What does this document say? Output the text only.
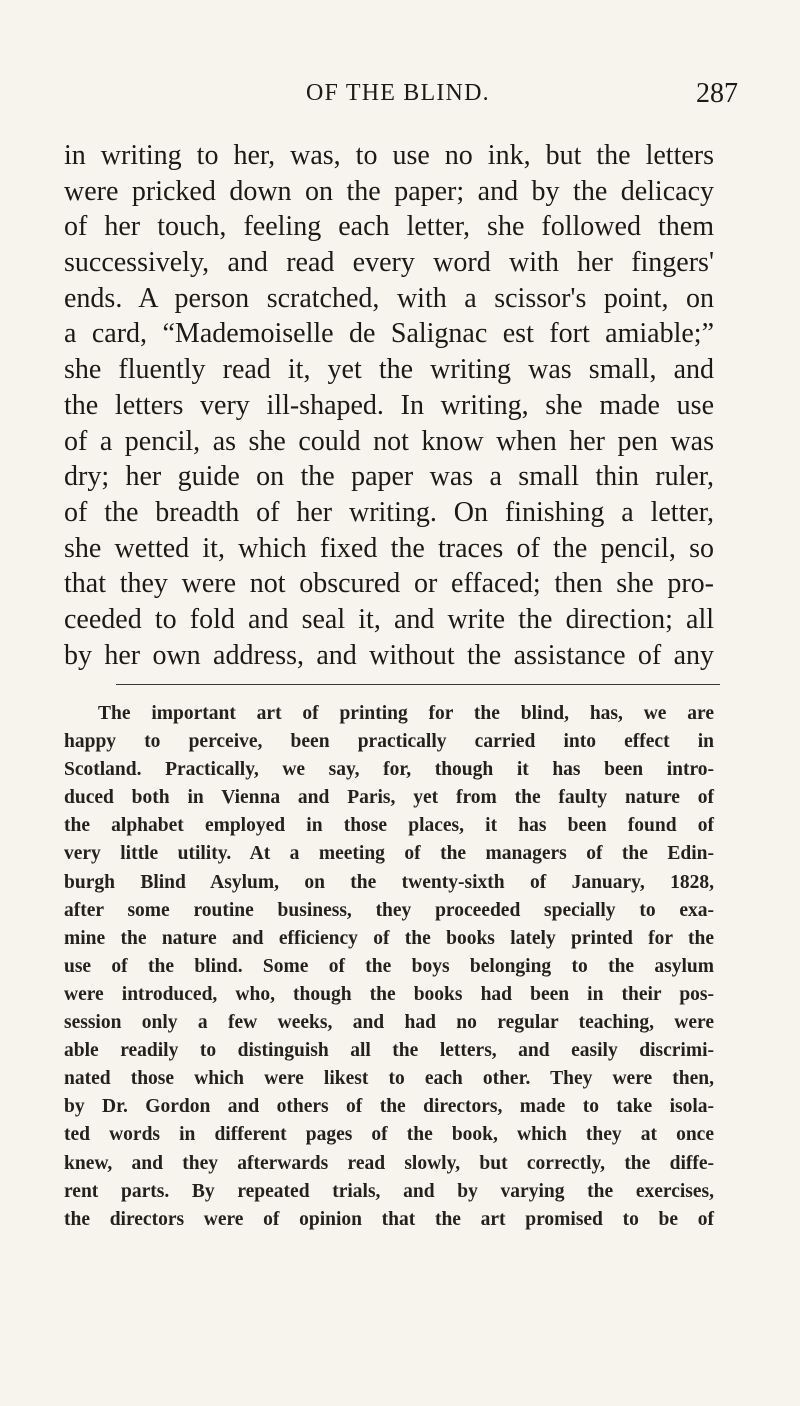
OF THE BLIND.	287
in writing to her, was, to use no ink, but the letters
were pricked down on the paper; and by the delicacy
of her touch, feeling each letter, she followed them
successively, and read every word with her fingers'
ends. A person scratched, with a scissor's point, on
a card, “Mademoiselle de Salignac est fort amiable;”
she fluently read it, yet the writing was small, and
the letters very ill-shaped. In writing, she made use
of a pencil, as she could not know when her pen was
dry; her guide on the paper was a small thin ruler,
of the breadth of her writing. On finishing a letter,
she wetted it, which fixed the traces of the pencil, so
that they were not obscured or effaced; then she pro-
ceeded to fold and seal it, and write the direction; all
by her own address, and without the assistance of any
The important art of printing for the blind, has, we are
happy to perceive, been practically carried into effect in
Scotland. Practically, we say, for, though it has been intro-
duced both in Vienna and Paris, yet from the faulty nature of
the alphabet employed in those places, it has been found of
very little utility. At a meeting of the managers of the Edin-
burgh Blind Asylum, on the twenty-sixth of January, 1828,
after some routine business, they proceeded specially to exa-
mine the nature and efficiency of the books lately printed for the
use of the blind. Some of the boys belonging to the asylum
were introduced, who, though the books had been in their pos-
session only a few weeks, and had no regular teaching, were
able readily to distinguish all the letters, and easily discrimi-
nated those which were likest to each other. They were then,
by Dr. Gordon and others of the directors, made to take isola-
ted words in different pages of the book, which they at once
knew, and they afterwards read slowly, but correctly, the diffe-
rent parts. By repeated trials, and by varying the exercises,
the directors were of opinion that the art promised to be of
